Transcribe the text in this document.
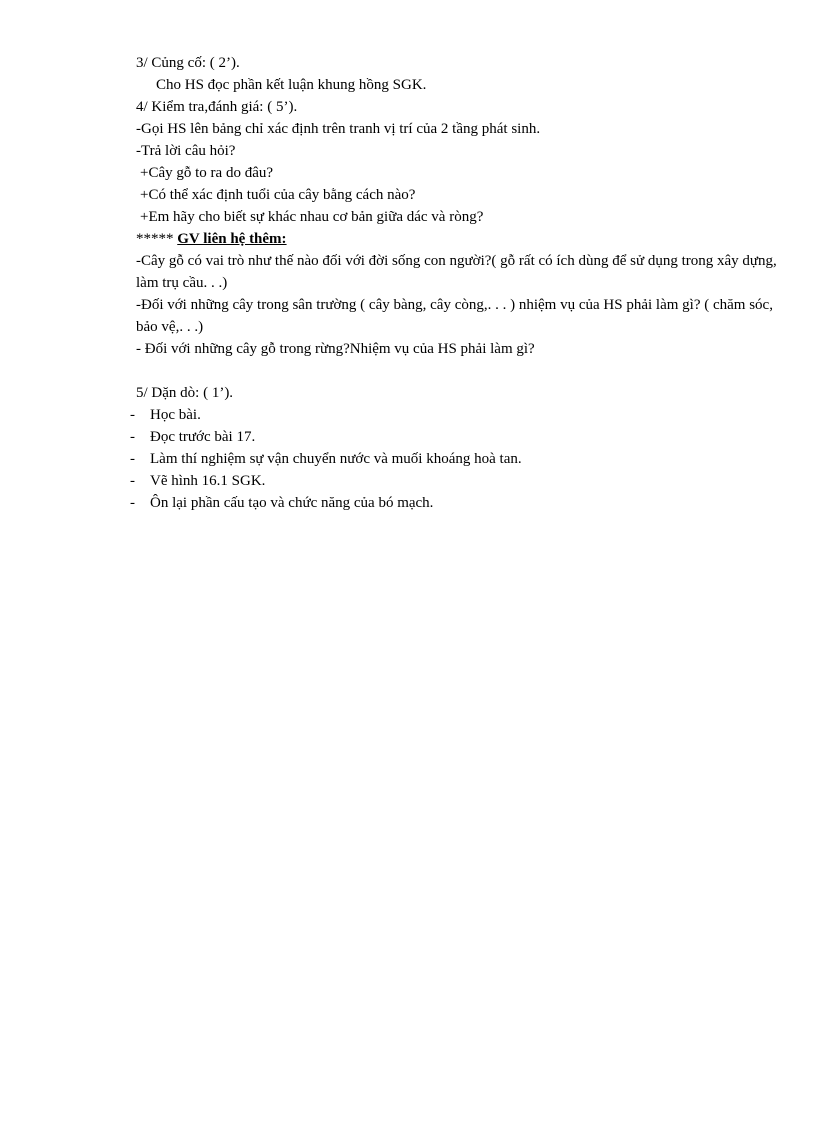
3/ Củng cố: ( 2’).

Cho HS đọc phần kết luận khung hồng SGK.

4/ Kiểm tra,đánh giá: ( 5’).

-Gọi HS lên bảng chỉ xác định trên tranh vị trí của 2 tầng phát sinh.

-Trả lời câu hỏi?

+Cây gỗ to ra do đâu?

+Có thể xác định tuổi của cây bằng cách nào?

+Em hãy cho biết sự khác nhau cơ bản giữa dác và ròng?

***** GV liên hệ thêm:

-Cây gỗ có vai trò như thế nào đối với đời sống con người?( gỗ rất có ích dùng để sử dụng trong xây dựng, làm trụ cầu. . .)

-Đối với những cây trong sân trường ( cây bàng, cây còng,. . . ) nhiệm vụ của HS phải làm gì? ( chăm sóc, bảo vệ,. . .)

- Đối với những cây gỗ trong rừng?Nhiệm vụ của HS phải làm gì?

5/ Dặn dò: ( 1’).

- Học bài.
- Đọc trước bài 17.
- Làm thí nghiệm sự vận chuyển nước và muối khoáng hoà tan.
- Vẽ hình 16.1 SGK.
- Ôn lại phần cấu tạo và chức năng của bó mạch.
